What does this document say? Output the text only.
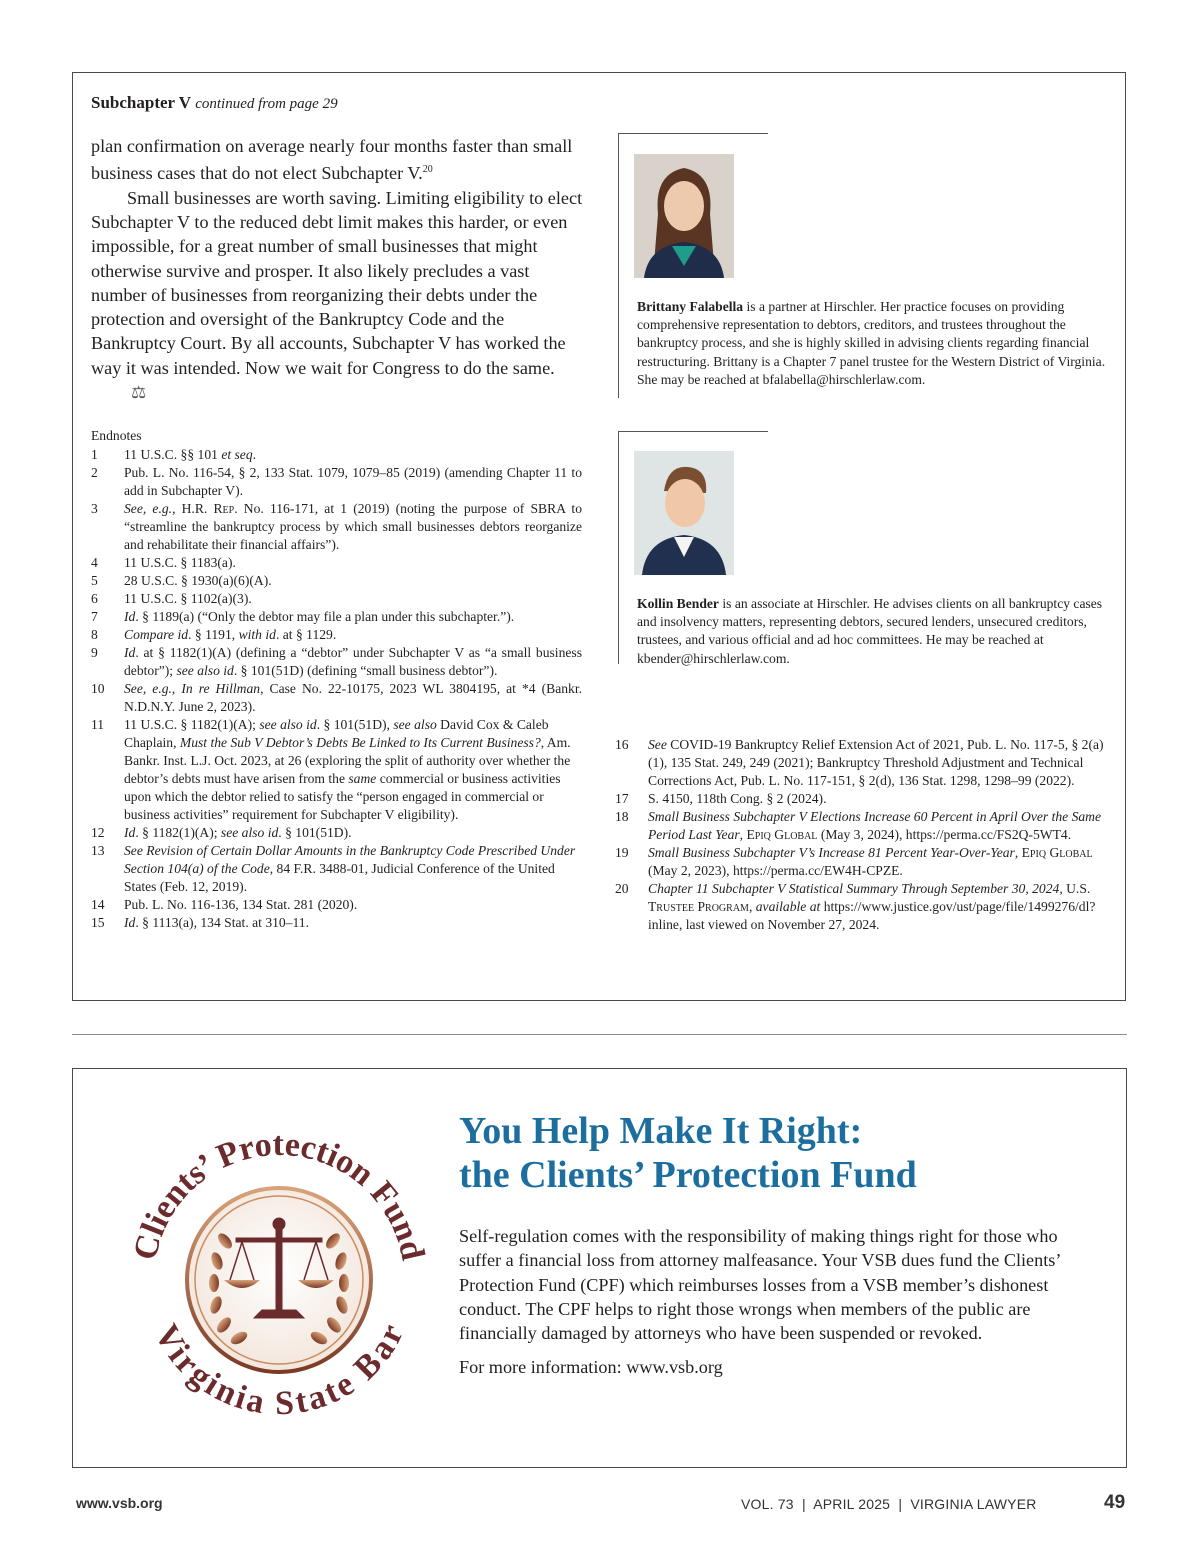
Subchapter V continued from page 29

plan confirmation on average nearly four months faster than small business cases that do not elect Subchapter V.$^{20}$

Small businesses are worth saving. Limiting eligibility to elect Subchapter V to the reduced debt limit makes this harder, or even impossible, for a great number of small businesses that might otherwise survive and prosper. It also likely precludes a vast number of businesses from reorganizing their debts under the protection and oversight of the Bankruptcy Code and the Bankruptcy Court. By all accounts, Subchapter V has worked the way it was intended. Now we wait for Congress to do the same. ⚖

Endnotes
1	11 U.S.C. §§ 101 et seq.
2	Pub. L. No. 116-54, § 2, 133 Stat. 1079, 1079–85 (2019) (amending Chapter 11 to add in Subchapter V).
3	See, e.g., H.R. Rep. No. 116-171, at 1 (2019) (noting the purpose of SBRA to “streamline the bankruptcy process by which small businesses debtors reorganize and rehabilitate their financial affairs”).
4	11 U.S.C. § 1183(a).
5	28 U.S.C. § 1930(a)(6)(A).
6	11 U.S.C. § 1102(a)(3).
7	Id. § 1189(a) (“Only the debtor may file a plan under this subchapter.”).
8	Compare id. § 1191, with id. at § 1129.
9	Id. at § 1182(1)(A) (defining a “debtor” under Subchapter V as “a small business debtor”); see also id. § 101(51D) (defining “small business debtor”).
10	See, e.g., In re Hillman, Case No. 22-10175, 2023 WL 3804195, at *4 (Bankr. N.D.N.Y. June 2, 2023).
11	11 U.S.C. § 1182(1)(A); see also id. § 101(51D), see also David Cox & Caleb Chaplain, Must the Sub V Debtor’s Debts Be Linked to Its Current Business?, Am. Bankr. Inst. L.J. Oct. 2023, at 26 (exploring the split of authority over whether the debtor’s debts must have arisen from the same commercial or business activities upon which the debtor relied to satisfy the “person engaged in commercial or business activities” requirement for Subchapter V eligibility).
12	Id. § 1182(1)(A); see also id. § 101(51D).
13	See Revision of Certain Dollar Amounts in the Bankruptcy Code Prescribed Under Section 104(a) of the Code, 84 F.R. 3488-01, Judicial Conference of the United States (Feb. 12, 2019).
14	Pub. L. No. 116-136, 134 Stat. 281 (2020).
15	Id. § 1113(a), 134 Stat. at 310–11.
Brittany Falabella is a partner at Hirschler. Her practice focuses on providing comprehensive representation to debtors, creditors, and trustees throughout the bankruptcy process, and she is highly skilled in advising clients regarding financial restructuring. Brittany is a Chapter 7 panel trustee for the Western District of Virginia. She may be reached at bfalabella@hirschlerlaw.com.
Kollin Bender is an associate at Hirschler. He advises clients on all bankruptcy cases and insolvency matters, representing debtors, secured lenders, unsecured creditors, trustees, and various official and ad hoc committees. He may be reached at kbender@hirschlerlaw.com.
16	See COVID-19 Bankruptcy Relief Extension Act of 2021, Pub. L. No. 117-5, § 2(a)(1), 135 Stat. 249, 249 (2021); Bankruptcy Threshold Adjustment and Technical Corrections Act, Pub. L. No. 117-151, § 2(d), 136 Stat. 1298, 1298–99 (2022).
17	S. 4150, 118th Cong. § 2 (2024).
18	Small Business Subchapter V Elections Increase 60 Percent in April Over the Same Period Last Year, Epiq Global (May 3, 2024), https://perma.cc/FS2Q-5WT4.
19	Small Business Subchapter V’s Increase 81 Percent Year-Over-Year, Epiq Global (May 2, 2023), https://perma.cc/EW4H-CPZE.
20	Chapter 11 Subchapter V Statistical Summary Through September 30, 2024, U.S. Trustee Program, available at https://www.justice.gov/ust/page/file/1499276/dl?inline, last viewed on November 27, 2024.
Clients’ Protection Fund
Virginia State Bar
You Help Make It Right:
the Clients’ Protection Fund
Self-regulation comes with the responsibility of making things right for those who suffer a financial loss from attorney malfeasance. Your VSB dues fund the Clients’ Protection Fund (CPF) which reimburses losses from a VSB member’s dishonest conduct. The CPF helps to right those wrongs when members of the public are financially damaged by attorneys who have been suspended or revoked.
For more information: www.vsb.org
www.vsb.org	VOL. 73  |  APRIL 2025  |  VIRGINIA LAWYER	49
